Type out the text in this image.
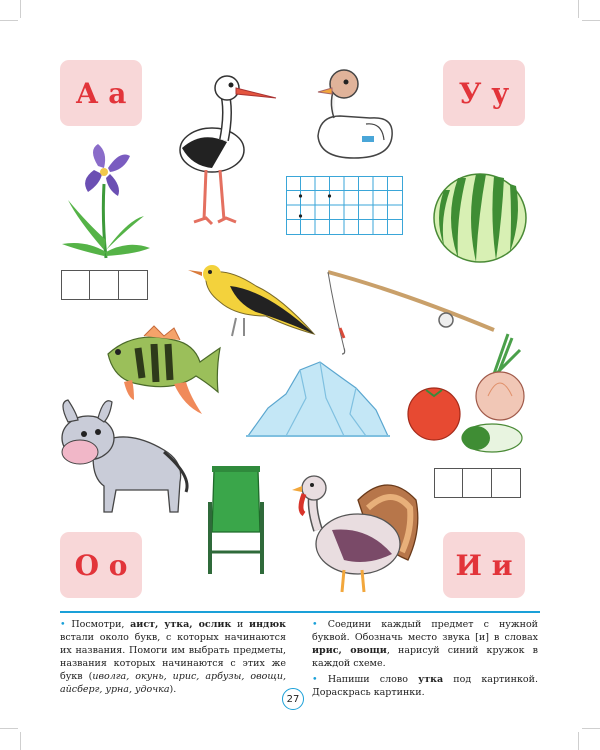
А а	У у
О о	И и

• Посмотри, аист, утка, ослик и индюк встали около букв, с которых начинаются их названия. Помоги им выбрать предметы, названия которых начинаются с этих же букв (иволга, окунь, ирис, арбузы, овощи, айсберг, урна, удочка).

• Соедини каждый предмет с нужной буквой. Обозначь место звука [и] в словах ирис, овощи, нарисуй синий кружок в каждой схеме.

• Напиши слово утка под картинкой. Дораскрась картинки.

27
